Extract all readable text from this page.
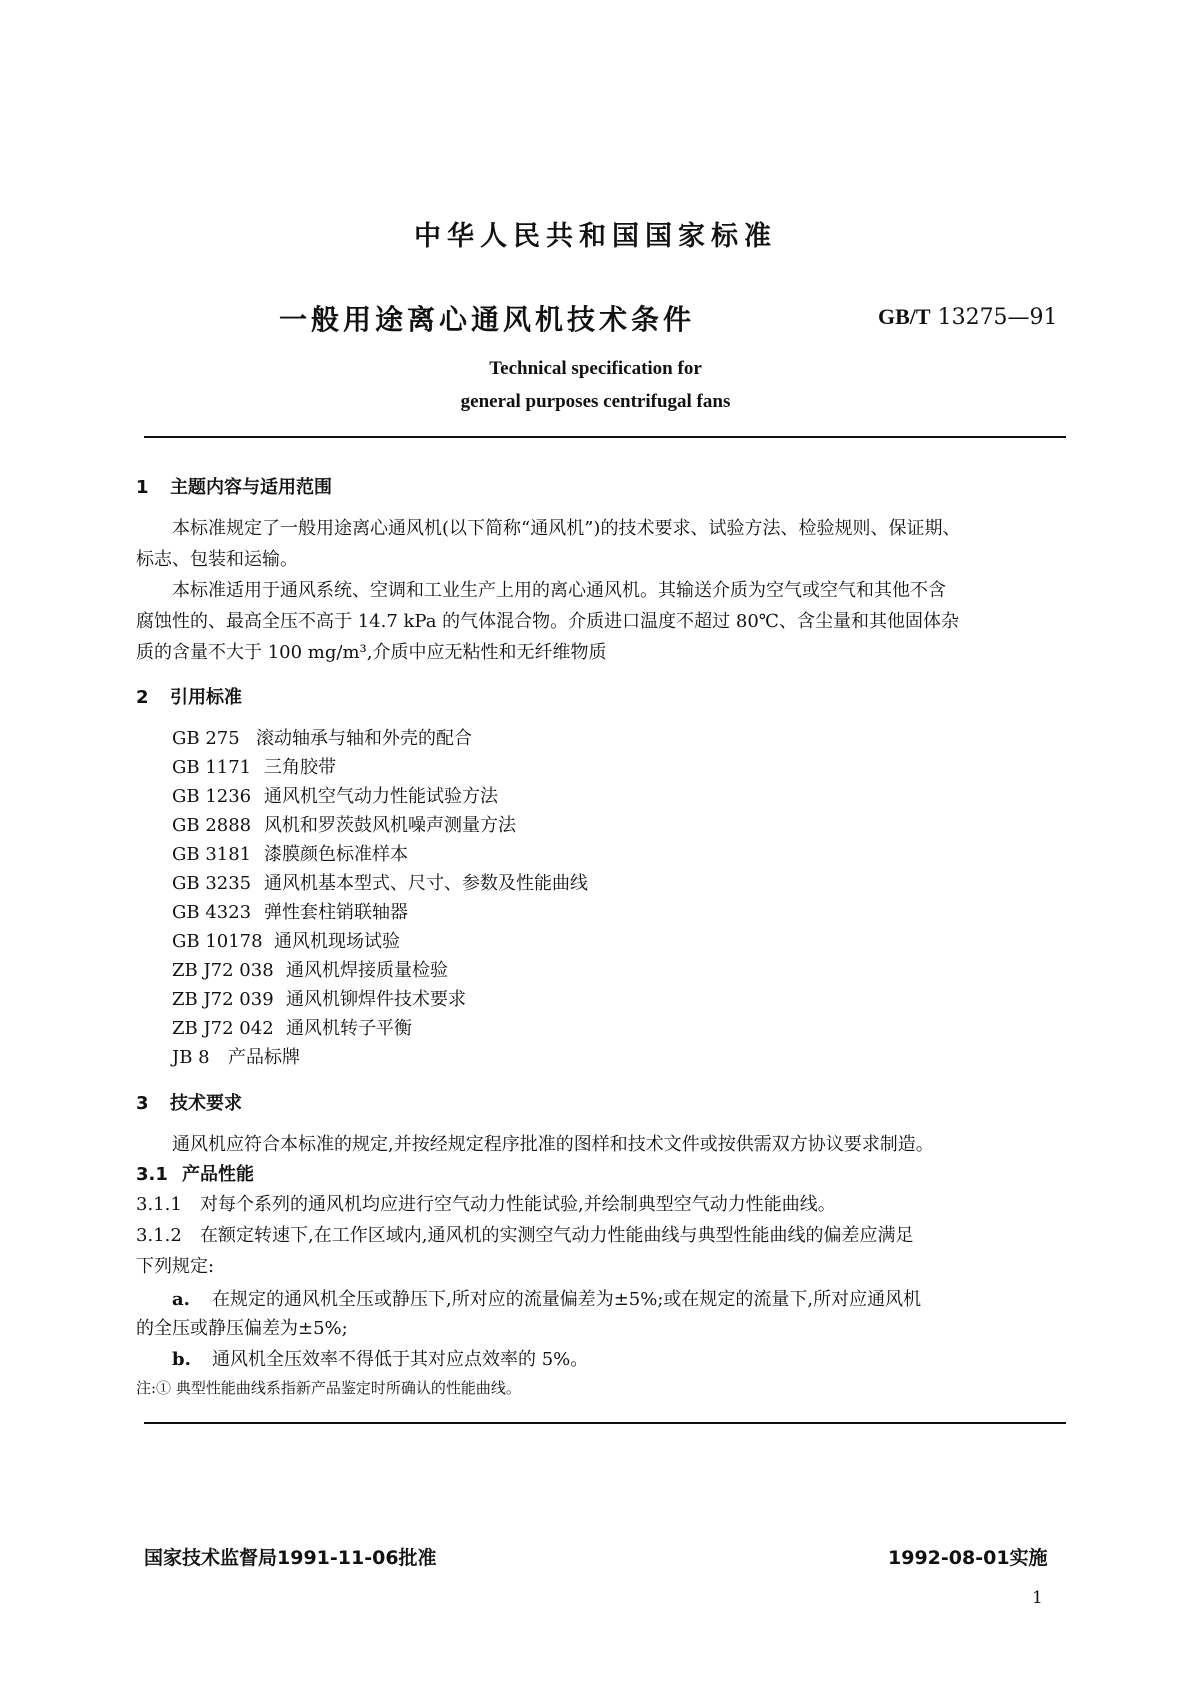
中华人民共和国国家标准
一般用途离心通风机技术条件	GB/T 13275—91
Technical specification for
general purposes centrifugal fans
1 主题内容与适用范围
本标准规定了一般用途离心通风机(以下简称“通风机”)的技术要求、试验方法、检验规则、保证期、
标志、包装和运输。
本标准适用于通风系统、空调和工业生产上用的离心通风机。其输送介质为空气或空气和其他不含
腐蚀性的、最高全压不高于 14.7 kPa 的气体混合物。介质进口温度不超过 80℃、含尘量和其他固体杂
质的含量不大于 100 mg/m³,介质中应无粘性和无纤维物质
2 引用标准
GB 275 滚动轴承与轴和外壳的配合
GB 1171 三角胶带
GB 1236 通风机空气动力性能试验方法
GB 2888 风机和罗茨鼓风机噪声测量方法
GB 3181 漆膜颜色标准样本
GB 3235 通风机基本型式、尺寸、参数及性能曲线
GB 4323 弹性套柱销联轴器
GB 10178 通风机现场试验
ZB J72 038 通风机焊接质量检验
ZB J72 039 通风机铆焊件技术要求
ZB J72 042 通风机转子平衡
JB 8 产品标牌
3 技术要求
通风机应符合本标准的规定,并按经规定程序批准的图样和技术文件或按供需双方协议要求制造。
3.1 产品性能
3.1.1 对每个系列的通风机均应进行空气动力性能试验,并绘制典型空气动力性能曲线。
3.1.2 在额定转速下,在工作区域内,通风机的实测空气动力性能曲线与典型性能曲线的偏差应满足
下列规定:
a. 在规定的通风机全压或静压下,所对应的流量偏差为±5%;或在规定的流量下,所对应通风机
的全压或静压偏差为±5%;
b. 通风机全压效率不得低于其对应点效率的 5%。
注:① 典型性能曲线系指新产品鉴定时所确认的性能曲线。
国家技术监督局1991-11-06批准	1992-08-01实施
1
